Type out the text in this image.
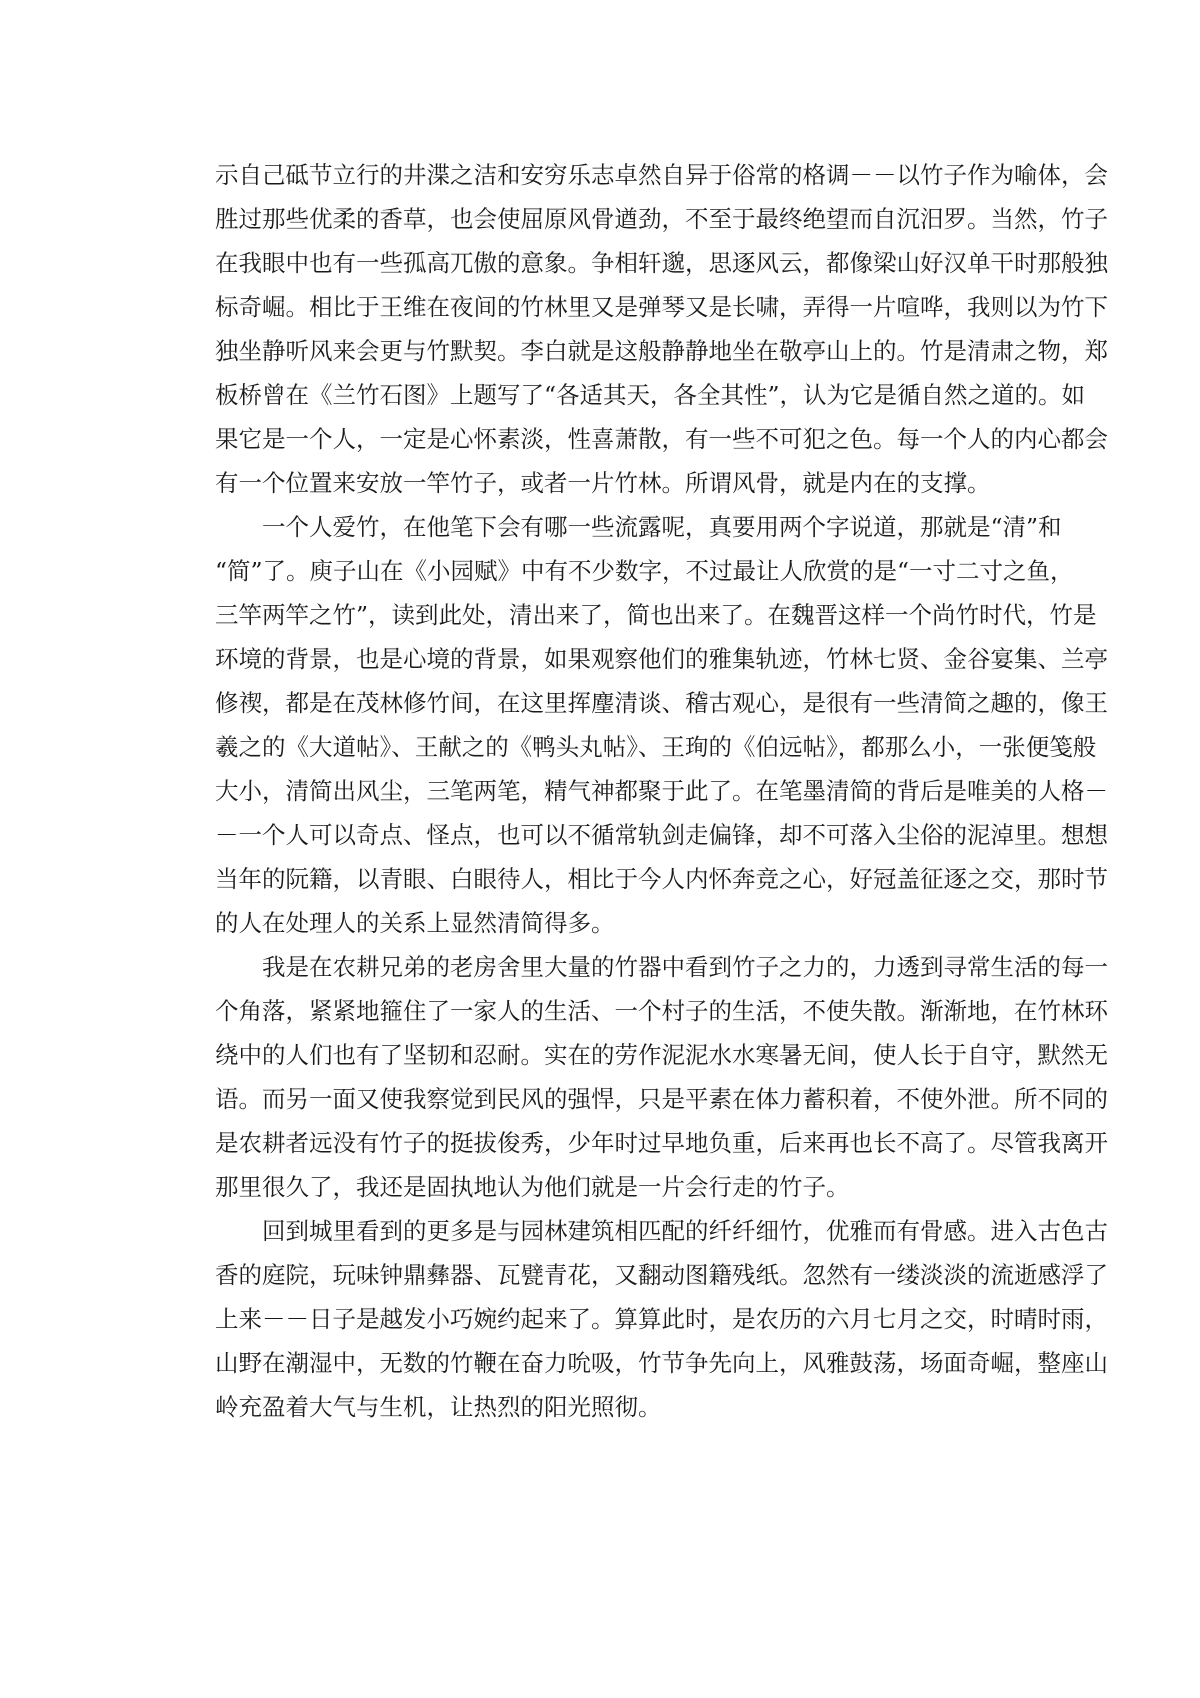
示自己砥节立行的井渫之洁和安穷乐志卓然自异于俗常的格调－－以竹子作为喻体，会
胜过那些优柔的香草，也会使屈原风骨遒劲，不至于最终绝望而自沉汨罗。当然，竹子
在我眼中也有一些孤高兀傲的意象。争相轩邈，思逐风云，都像梁山好汉单干时那般独
标奇崛。相比于王维在夜间的竹林里又是弹琴又是长啸，弄得一片喧哗，我则以为竹下
独坐静听风来会更与竹默契。李白就是这般静静地坐在敬亭山上的。竹是清肃之物，郑
板桥曾在《兰竹石图》上题写了“各适其天，各全其性”，认为它是循自然之道的。如
果它是一个人，一定是心怀素淡，性喜萧散，有一些不可犯之色。每一个人的内心都会
有一个位置来安放一竿竹子，或者一片竹林。所谓风骨，就是内在的支撑。
一个人爱竹，在他笔下会有哪一些流露呢，真要用两个字说道，那就是“清”和
“简”了。庾子山在《小园赋》中有不少数字，不过最让人欣赏的是“一寸二寸之鱼，
三竿两竿之竹”，读到此处，清出来了，简也出来了。在魏晋这样一个尚竹时代，竹是
环境的背景，也是心境的背景，如果观察他们的雅集轨迹，竹林七贤、金谷宴集、兰亭
修禊，都是在茂林修竹间，在这里挥麈清谈、稽古观心，是很有一些清简之趣的，像王
羲之的《大道帖》、王献之的《鸭头丸帖》、王珣的《伯远帖》，都那么小，一张便笺般
大小，清简出风尘，三笔两笔，精气神都聚于此了。在笔墨清简的背后是唯美的人格－
－一个人可以奇点、怪点，也可以不循常轨剑走偏锋，却不可落入尘俗的泥淖里。想想
当年的阮籍，以青眼、白眼待人，相比于今人内怀奔竞之心，好冠盖征逐之交，那时节
的人在处理人的关系上显然清简得多。
我是在农耕兄弟的老房舍里大量的竹器中看到竹子之力的，力透到寻常生活的每一
个角落，紧紧地箍住了一家人的生活、一个村子的生活，不使失散。渐渐地，在竹林环
绕中的人们也有了坚韧和忍耐。实在的劳作泥泥水水寒暑无间，使人长于自守，默然无
语。而另一面又使我察觉到民风的强悍，只是平素在体力蓄积着，不使外泄。所不同的
是农耕者远没有竹子的挺拔俊秀，少年时过早地负重，后来再也长不高了。尽管我离开
那里很久了，我还是固执地认为他们就是一片会行走的竹子。
回到城里看到的更多是与园林建筑相匹配的纤纤细竹，优雅而有骨感。进入古色古
香的庭院，玩味钟鼎彝器、瓦甓青花，又翻动图籍残纸。忽然有一缕淡淡的流逝感浮了
上来－－日子是越发小巧婉约起来了。算算此时，是农历的六月七月之交，时晴时雨，
山野在潮湿中，无数的竹鞭在奋力吮吸，竹节争先向上，风雅鼓荡，场面奇崛，整座山
岭充盈着大气与生机，让热烈的阳光照彻。
